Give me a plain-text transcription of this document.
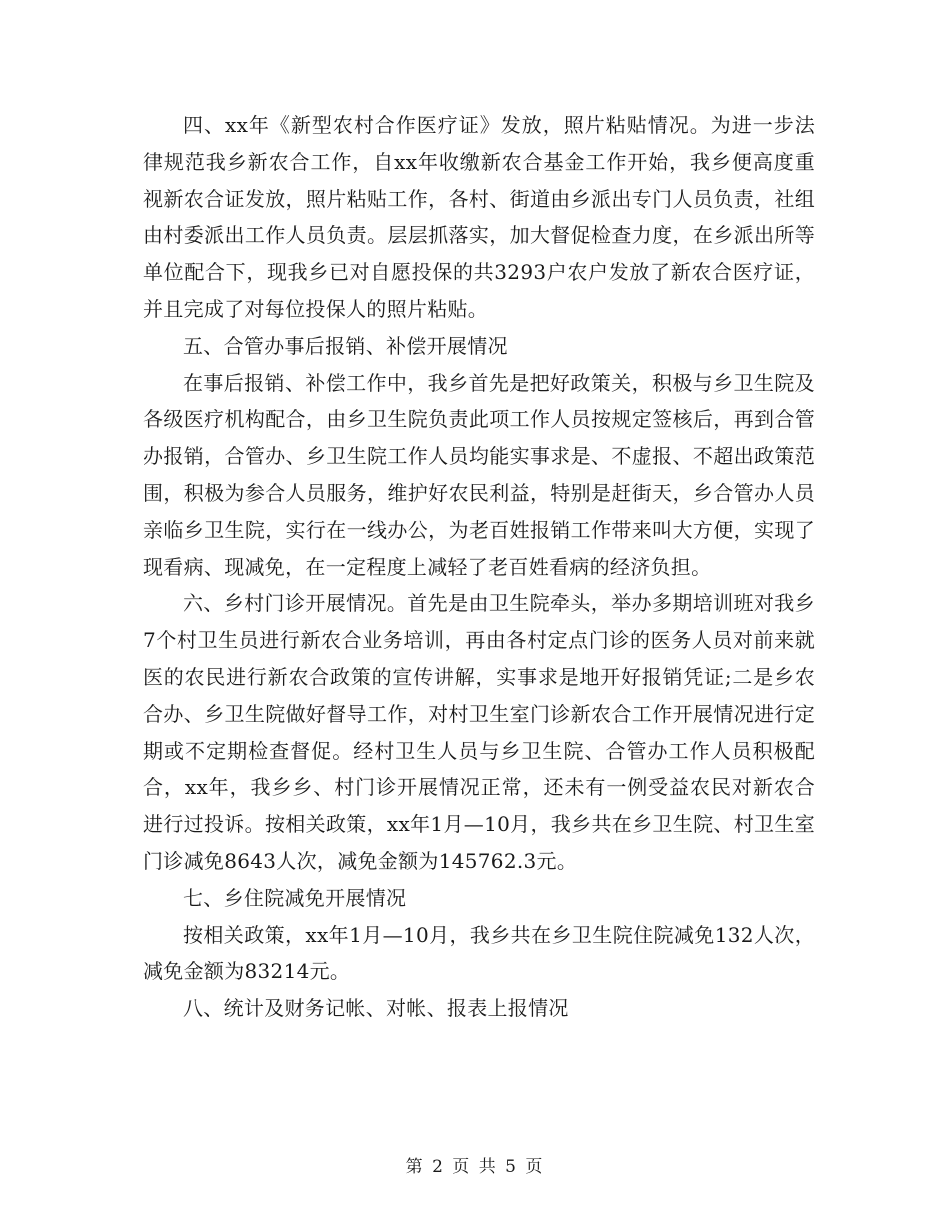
四、xx年《新型农村合作医疗证》发放，照片粘贴情况。为进一步法律规范我乡新农合工作，自xx年收缴新农合基金工作开始，我乡便高度重视新农合证发放，照片粘贴工作，各村、街道由乡派出专门人员负责，社组由村委派出工作人员负责。层层抓落实，加大督促检查力度，在乡派出所等单位配合下，现我乡已对自愿投保的共3293户农户发放了新农合医疗证，并且完成了对每位投保人的照片粘贴。

五、合管办事后报销、补偿开展情况

在事后报销、补偿工作中，我乡首先是把好政策关，积极与乡卫生院及各级医疗机构配合，由乡卫生院负责此项工作人员按规定签核后，再到合管办报销，合管办、乡卫生院工作人员均能实事求是、不虚报、不超出政策范围，积极为参合人员服务，维护好农民利益，特别是赶街天，乡合管办人员亲临乡卫生院，实行在一线办公，为老百姓报销工作带来叫大方便，实现了现看病、现减免，在一定程度上减轻了老百姓看病的经济负担。

六、乡村门诊开展情况。首先是由卫生院牵头，举办多期培训班对我乡7个村卫生员进行新农合业务培训，再由各村定点门诊的医务人员对前来就医的农民进行新农合政策的宣传讲解，实事求是地开好报销凭证;二是乡农合办、乡卫生院做好督导工作，对村卫生室门诊新农合工作开展情况进行定期或不定期检查督促。经村卫生人员与乡卫生院、合管办工作人员积极配合，xx年，我乡乡、村门诊开展情况正常，还未有一例受益农民对新农合进行过投诉。按相关政策，xx年1月—10月，我乡共在乡卫生院、村卫生室门诊减免8643人次，减免金额为145762.3元。

七、乡住院减免开展情况

按相关政策，xx年1月—10月，我乡共在乡卫生院住院减免132人次，减免金额为83214元。

八、统计及财务记帐、对帐、报表上报情况

第 2 页 共 5 页
